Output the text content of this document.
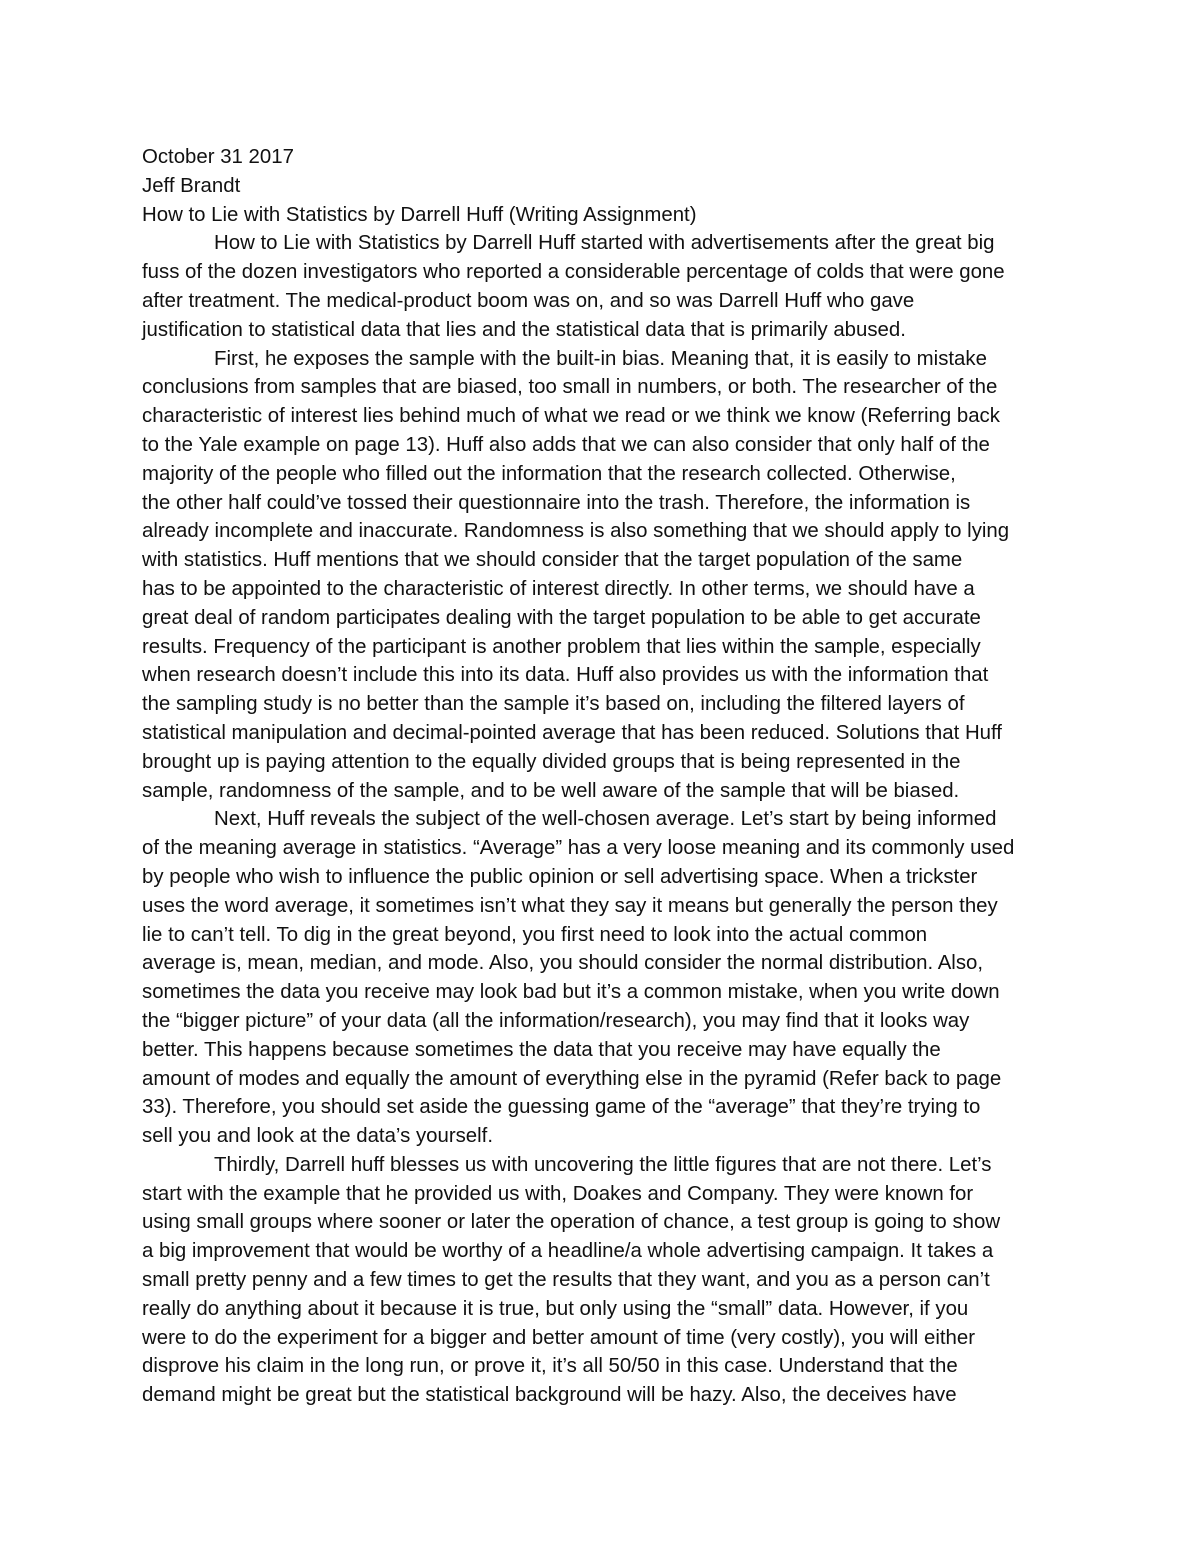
October 31 2017
Jeff Brandt
How to Lie with Statistics by Darrell Huff (Writing Assignment)
How to Lie with Statistics by Darrell Huff started with advertisements after the great big
fuss of the dozen investigators who reported a considerable percentage of colds that were gone
after treatment. The medical-product boom was on, and so was Darrell Huff who gave
justification to statistical data that lies and the statistical data that is primarily abused.
First, he exposes the sample with the built-in bias. Meaning that, it is easily to mistake
conclusions from samples that are biased, too small in numbers, or both. The researcher of the
characteristic of interest lies behind much of what we read or we think we know (Referring back
to the Yale example on page 13). Huff also adds that we can also consider that only half of the
majority of the people who filled out the information that the research collected. Otherwise,
the other half could’ve tossed their questionnaire into the trash. Therefore, the information is
already incomplete and inaccurate. Randomness is also something that we should apply to lying
with statistics. Huff mentions that we should consider that the target population of the same
has to be appointed to the characteristic of interest directly. In other terms, we should have a
great deal of random participates dealing with the target population to be able to get accurate
results. Frequency of the participant is another problem that lies within the sample, especially
when research doesn’t include this into its data. Huff also provides us with the information that
the sampling study is no better than the sample it’s based on, including the filtered layers of
statistical manipulation and decimal-pointed average that has been reduced. Solutions that Huff
brought up is paying attention to the equally divided groups that is being represented in the
sample, randomness of the sample, and to be well aware of the sample that will be biased.
Next, Huff reveals the subject of the well-chosen average. Let’s start by being informed
of the meaning average in statistics. “Average” has a very loose meaning and its commonly used
by people who wish to influence the public opinion or sell advertising space. When a trickster
uses the word average, it sometimes isn’t what they say it means but generally the person they
lie to can’t tell. To dig in the great beyond, you first need to look into the actual common
average is, mean, median, and mode. Also, you should consider the normal distribution. Also,
sometimes the data you receive may look bad but it’s a common mistake, when you write down
the “bigger picture” of your data (all the information/research), you may find that it looks way
better. This happens because sometimes the data that you receive may have equally the
amount of modes and equally the amount of everything else in the pyramid (Refer back to page
33). Therefore, you should set aside the guessing game of the “average” that they’re trying to
sell you and look at the data’s yourself.
Thirdly, Darrell huff blesses us with uncovering the little figures that are not there. Let’s
start with the example that he provided us with, Doakes and Company. They were known for
using small groups where sooner or later the operation of chance, a test group is going to show
a big improvement that would be worthy of a headline/a whole advertising campaign. It takes a
small pretty penny and a few times to get the results that they want, and you as a person can’t
really do anything about it because it is true, but only using the “small” data. However, if you
were to do the experiment for a bigger and better amount of time (very costly), you will either
disprove his claim in the long run, or prove it, it’s all 50/50 in this case. Understand that the
demand might be great but the statistical background will be hazy. Also, the deceives have
